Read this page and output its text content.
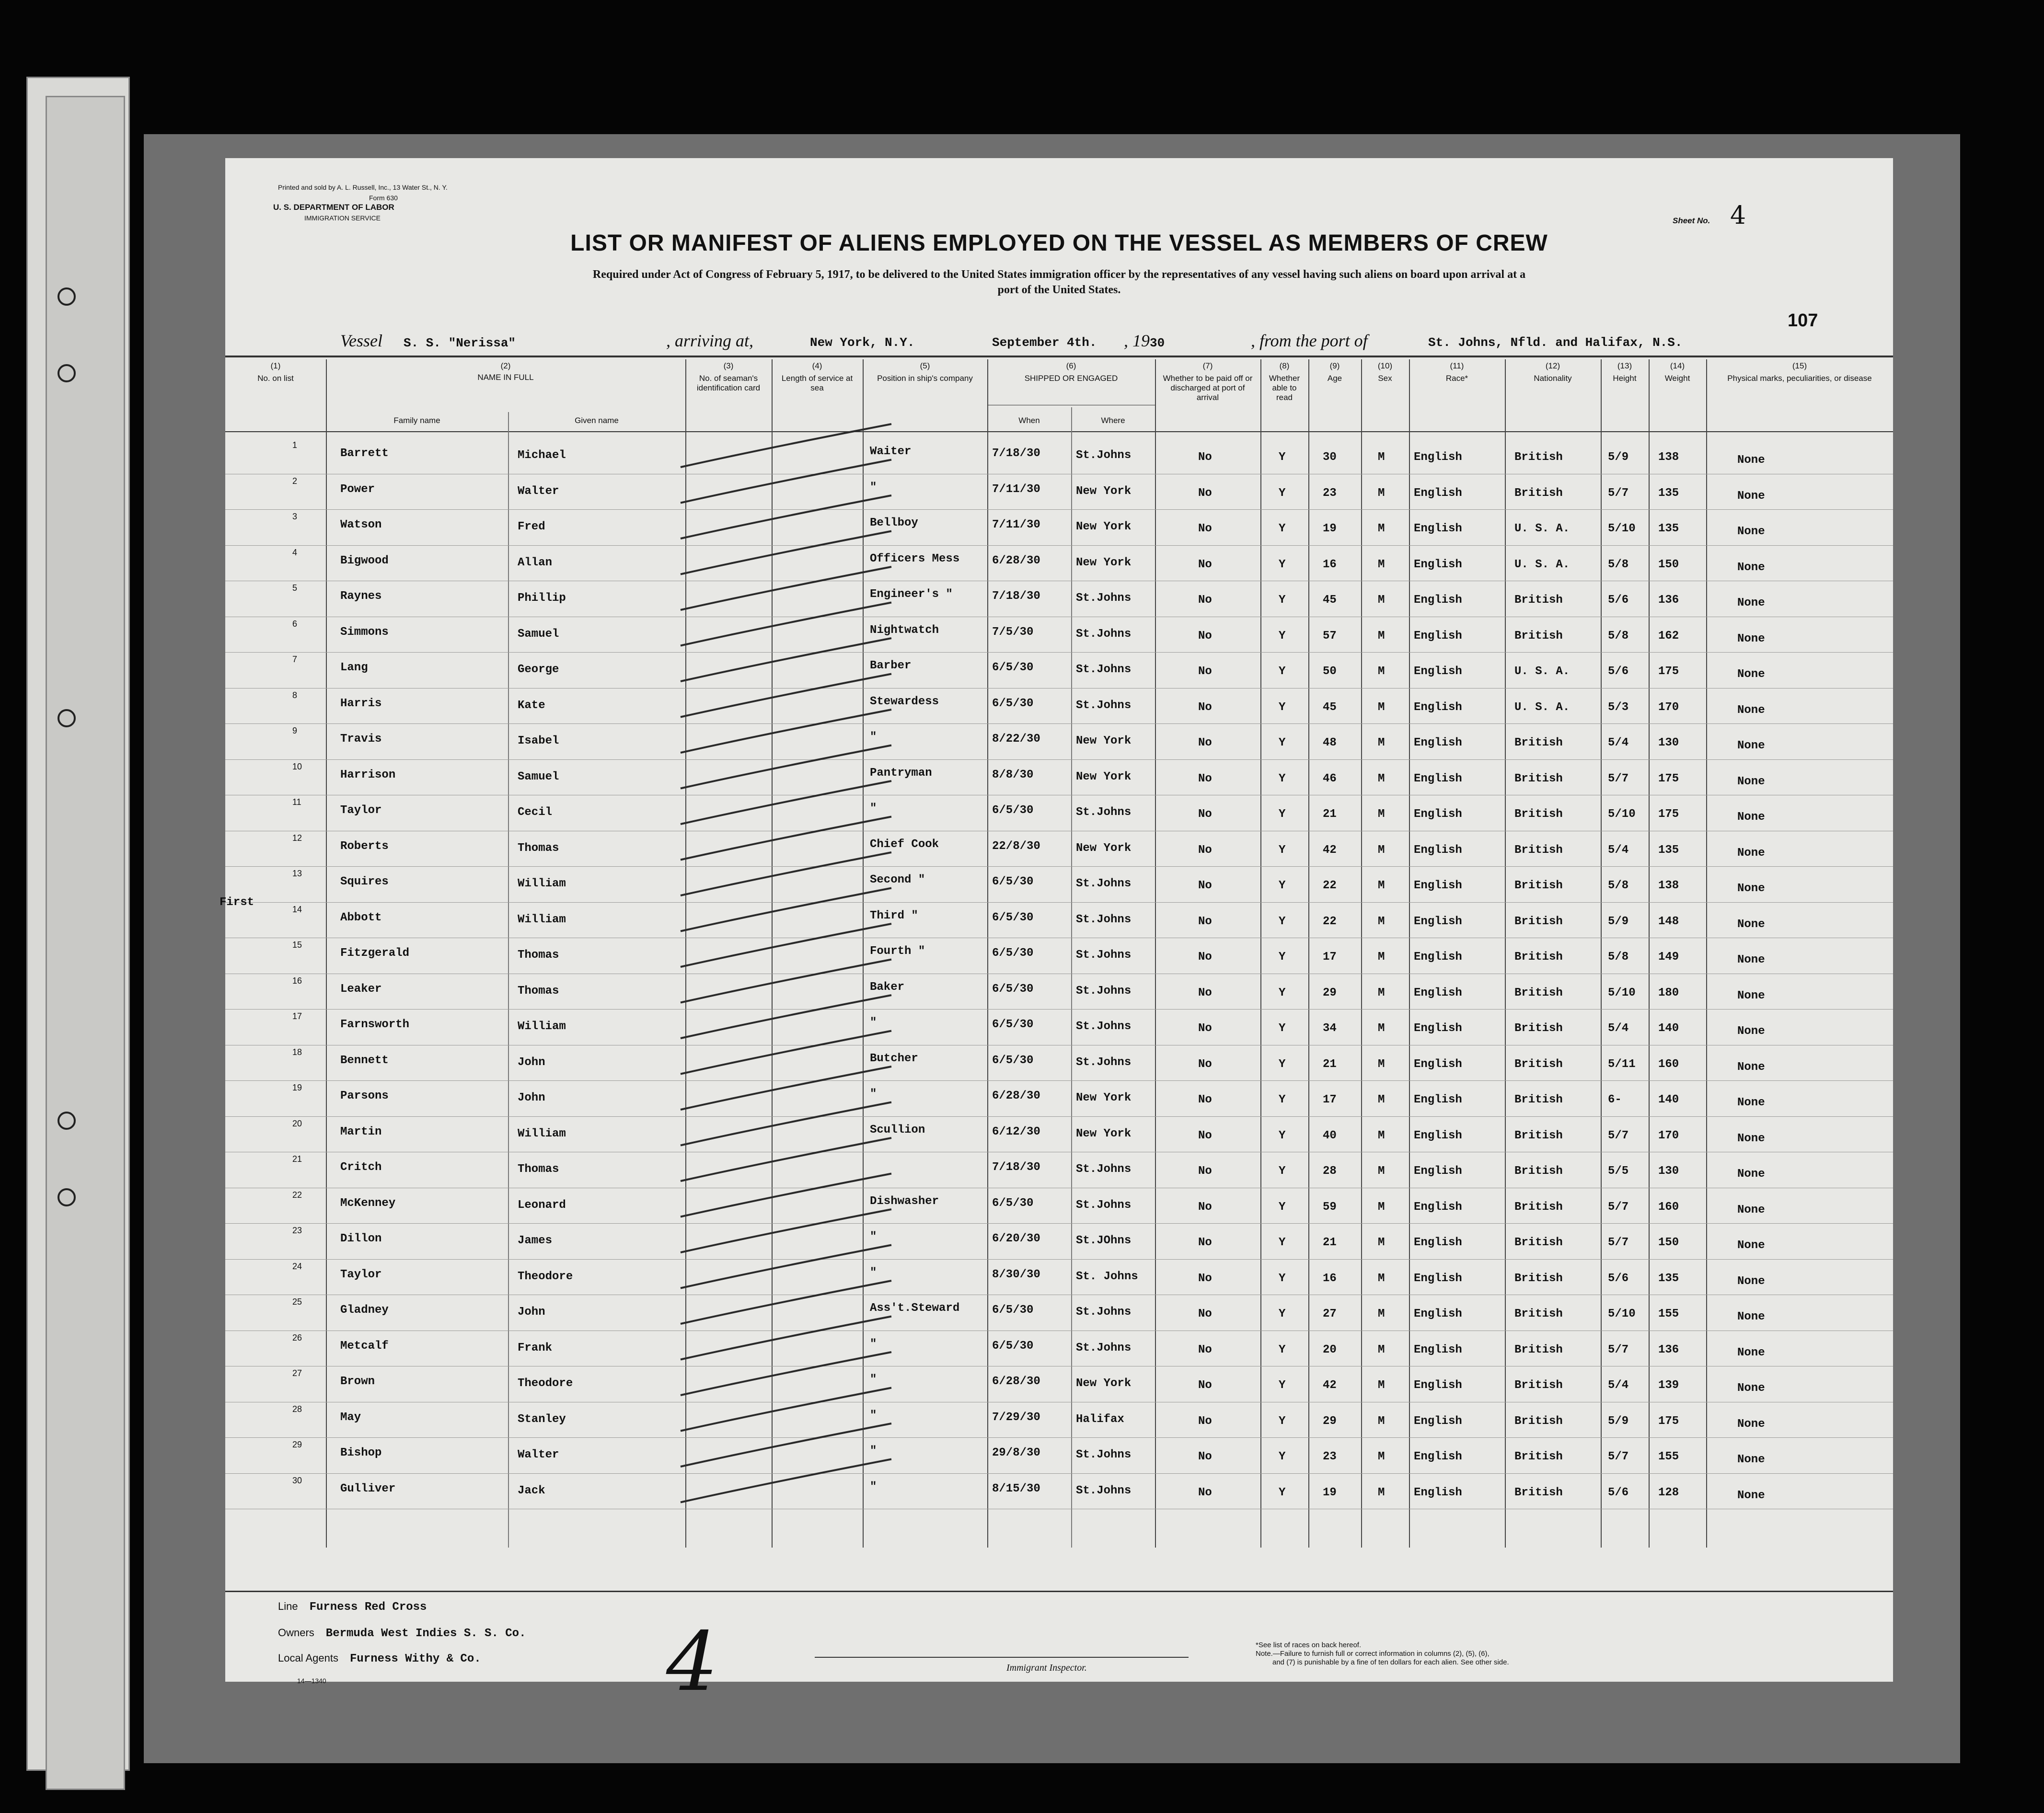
Printed and sold by A. L. Russell, Inc., 13 Water St., N. Y.
Form 630
U. S. DEPARTMENT OF LABOR
IMMIGRATION SERVICE	Sheet No. 4
LIST OR MANIFEST OF ALIENS EMPLOYED ON THE VESSEL AS MEMBERS OF CREW
Required under Act of Congress of February 5, 1917, to be delivered to the United States immigration officer by the representatives of any vessel having such aliens on board upon arrival at a
port of the United States.
107
Vessel S. S. "Nerissa"	, arriving at,	New York, N.Y.	September 4th. , 1930	, from the port of	St. Johns, Nfld. and Halifax, N.S.
(1)
No. on list
(2)
NAME IN FULL
(3)
No. of seaman's identification card
(4)
Length of service at sea
(5)
Position in ship's company
(6)
SHIPPED OR ENGAGED
(7)
Whether to be paid off or discharged at port of arrival
(8)
Whether able to read
(9)
Age
(10)
Sex
(11)
Race*
(12)
Nationality
(13)
Height
(14)
Weight
(15)
Physical marks, peculiarities, or disease
Family name	Given name	When	Where
1
Barrett	Michael	Waiter	7/18/30	St.Johns	No	Y	30	M	English	British	5/9	138	None
2
Power	Walter	"	7/11/30	New York	No	Y	23	M	English	British	5/7	135	None
3
Watson	Fred	Bellboy	7/11/30	New York	No	Y	19	M	English	U. S. A.	5/10 135	None
4
Bigwood	Allan	Officers Mess	6/28/30	New York	No	Y	16	M	English	U. S. A.	5/8	150	None
5
Raynes	Phillip	Engineer's "	7/18/30	St.Johns	No	Y	45	M	English	British	5/6	136	None
6
Simmons	Samuel	Nightwatch	7/5/30	St.Johns	No	Y	57	M	English	British	5/8	162	None
7
Lang	George	Barber	6/5/30	St.Johns	No	Y	50	M	English	U. S. A.	5/6	175	None
8
Harris	Kate	Stewardess	6/5/30	St.Johns	No	Y	45	M	English	U. S. A.	5/3	170	None
9
Travis	Isabel	"	8/22/30	New York	No	Y	48	M	English	British	5/4	130	None
10
Harrison	Samuel	Pantryman	8/8/30	New York	No	Y	46	M	English	British	5/7	175	None
11
Taylor	Cecil	"	6/5/30	St.Johns	No	Y	21	M	English	British	5/10 175	None
12
Roberts	Thomas	Chief Cook	22/8/30	New York	No	Y	42	M	English	British	5/4	135	None
13
Squires	William	Second "	6/5/30	St.Johns	No	Y	22	M	English	British	5/8	138	None
14
Abbott	William	Third "	6/5/30	St.Johns	No	Y	22	M	English	British	5/9	148	None
15
Fitzgerald	Thomas	Fourth "	6/5/30	St.Johns	No	Y	17	M	English	British	5/8	149	None
16
Leaker	Thomas	Baker	6/5/30	St.Johns	No	Y	29	M	English	British	5/10 180	None
17
Farnsworth	William	"	6/5/30	St.Johns	No	Y	34	M	English	British	5/4	140	None
18
Bennett	John	Butcher	6/5/30	St.Johns	No	Y	21	M	English	British	5/11 160	None
19
Parsons	John	"	6/28/30	New York	No	Y	17	M	English	British	6-	140	None
20
Martin	William	Scullion	6/12/30	New York	No	Y	40	M	English	British	5/7	170	None
21
Critch	Thomas	7/18/30	St.Johns	No	Y	28	M	English	British	5/5	130	None
22
McKenney	Leonard	Dishwasher	6/5/30	St.Johns	No	Y	59	M	English	British	5/7	160	None
23
Dillon	James	"	6/20/30	St.JOhns	No	Y	21	M	English	British	5/7	150	None
24
Taylor	Theodore	"	8/30/30	St. Johns	No	Y	16	M	English	British	5/6	135	None
25
Gladney	John	Ass't.Steward	6/5/30	St.Johns	No	Y	27	M	English	British	5/10 155	None
26
Metcalf	Frank	"	6/5/30	St.Johns	No	Y	20	M	English	British	5/7	136	None
27
Brown	Theodore	"	6/28/30	New York	No	Y	42	M	English	British	5/4	139	None
28
May	Stanley	"	7/29/30	Halifax	No	Y	29	M	English	British	5/9	175	None
29
Bishop	Walter	"	29/8/30	St.Johns	No	Y	23	M	English	British	5/7	155	None
30
Gulliver	Jack	"	8/15/30	St.Johns	No	Y	19	M	English	British	5/6	128	None
First
Line Furness Red Cross
Owners Bermuda West Indies S. S. Co.
Local Agents Furness Withy & Co.
14—1340	4	Immigrant Inspector.
*See list of races on back hereof.
Note.—Failure to furnish full or correct information in columns (2), (5), (6),
and (7) is punishable by a fine of ten dollars for each alien. See other side.
